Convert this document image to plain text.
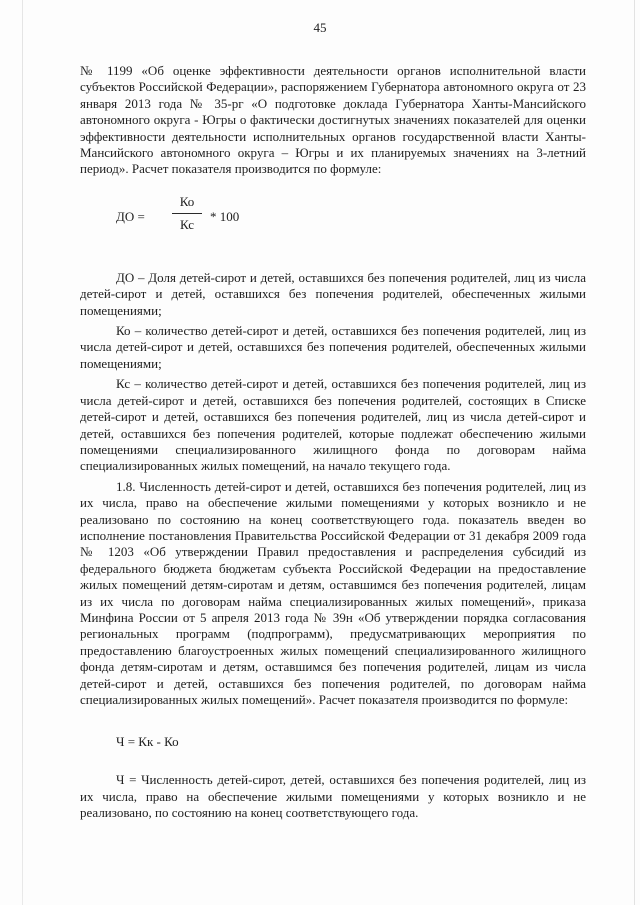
45

№ 1199 «Об оценке эффективности деятельности органов исполнительной власти субъектов Российской Федерации», распоряжением Губернатора автономного округа от 23 января 2013 года № 35-рг «О подготовке доклада Губернатора Ханты-Мансийского автономного округа - Югры о фактически достигнутых значениях показателей для оценки эффективности деятельности исполнительных органов государственной власти Ханты-Мансийского автономного округа – Югры и их планируемых значениях на 3-летний период». Расчет показателя производится по формуле:

ДО =
Ко
Кс
* 100

ДО – Доля детей-сирот и детей, оставшихся без попечения родителей, лиц из числа детей-сирот и детей, оставшихся без попечения родителей, обеспеченных жилыми помещениями;

Ко – количество детей-сирот и детей, оставшихся без попечения родителей, лиц из числа детей-сирот и детей, оставшихся без попечения родителей, обеспеченных жилыми помещениями;

Кс – количество детей-сирот и детей, оставшихся без попечения родителей, лиц из числа детей-сирот и детей, оставшихся без попечения родителей, состоящих в Списке детей-сирот и детей, оставшихся без попечения родителей, лиц из числа детей-сирот и детей, оставшихся без попечения родителей, которые подлежат обеспечению жилыми помещениями специализированного жилищного фонда по договорам найма специализированных жилых помещений, на начало текущего года.

1.8. Численность детей-сирот и детей, оставшихся без попечения родителей, лиц из их числа, право на обеспечение жилыми помещениями у которых возникло и не реализовано по состоянию на конец соответствующего года. показатель введен во исполнение постановления Правительства Российской Федерации от 31 декабря 2009 года № 1203 «Об утверждении Правил предоставления и распределения субсидий из федерального бюджета бюджетам субъекта Российской Федерации на предоставление жилых помещений детям-сиротам и детям, оставшимся без попечения родителей, лицам из их числа по договорам найма специализированных жилых помещений», приказа Минфина России от 5 апреля 2013 года № 39н «Об утверждении порядка согласования региональных программ (подпрограмм), предусматривающих мероприятия по предоставлению благоустроенных жилых помещений специализированного жилищного фонда детям-сиротам и детям, оставшимся без попечения родителей, лицам из числа детей-сирот и детей, оставшихся без попечения родителей, по договорам найма специализированных жилых помещений». Расчет показателя производится по формуле:

Ч = Кк - Ко

Ч = Численность детей-сирот, детей, оставшихся без попечения родителей, лиц из их числа, право на обеспечение жилыми помещениями у которых возникло и не реализовано, по состоянию на конец соответствующего года.
